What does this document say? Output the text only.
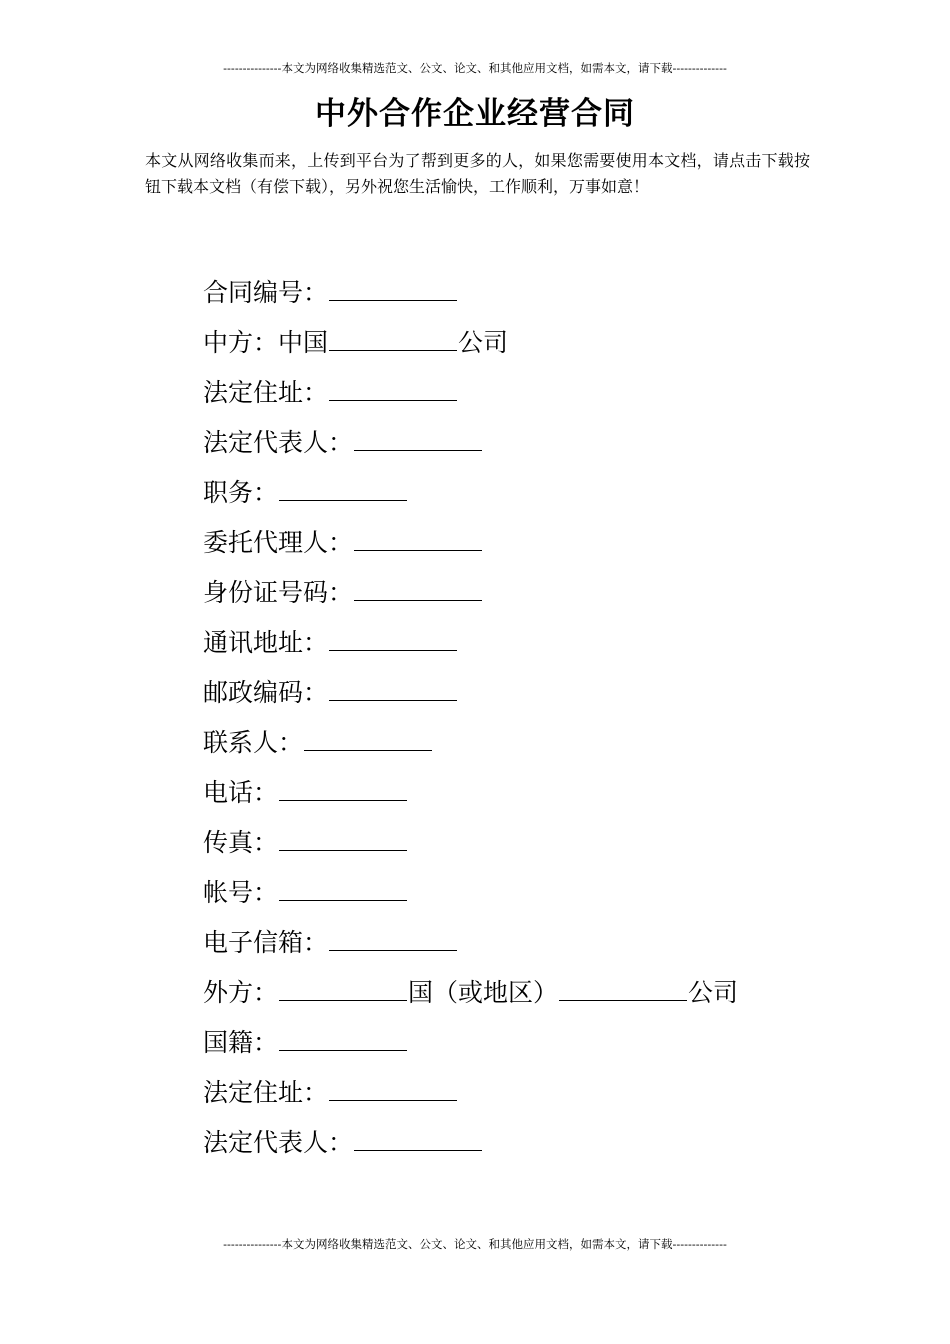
---------------本文为网络收集精选范文、公文、论文、和其他应用文档，如需本文，请下载--------------
中外合作企业经营合同
本文从网络收集而来，上传到平台为了帮到更多的人，如果您需要使用本文档，请点击下载按钮下载本文档（有偿下载），另外祝您生活愉快，工作顺利，万事如意！
合同编号：
中方：中国	公司
法定住址：
法定代表人：
职务：
委托代理人：
身份证号码：
通讯地址：
邮政编码：
联系人：
电话：
传真：
帐号：
电子信箱：
外方：	国（或地区）	公司
国籍：
法定住址：
法定代表人：
---------------本文为网络收集精选范文、公文、论文、和其他应用文档，如需本文，请下载--------------
